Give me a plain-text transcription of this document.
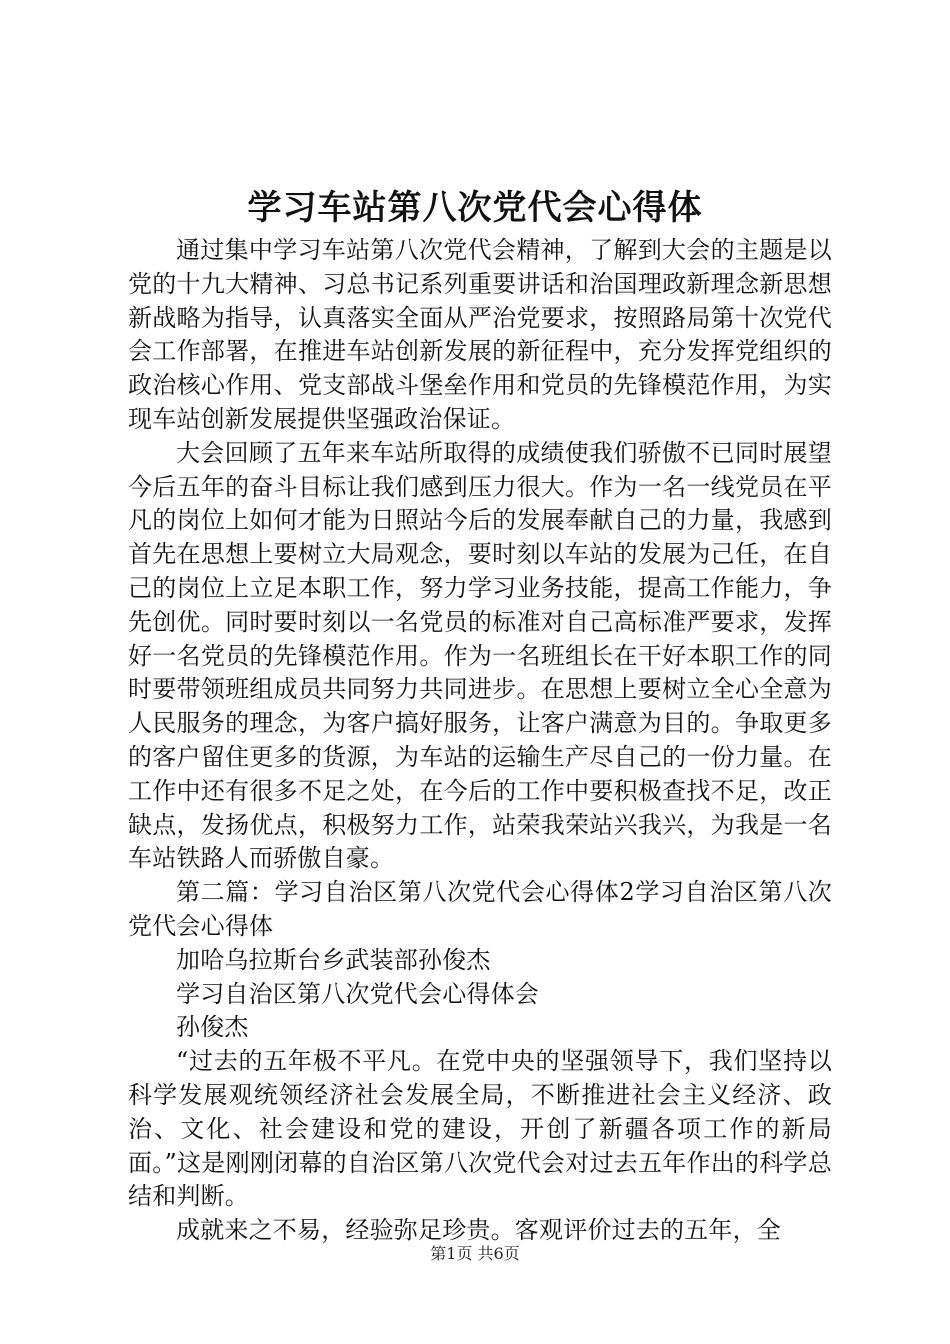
学习车站第八次党代会心得体

通过集中学习车站第八次党代会精神，了解到大会的主题是以党的十九大精神、习总书记系列重要讲话和治国理政新理念新思想新战略为指导，认真落实全面从严治党要求，按照路局第十次党代会工作部署，在推进车站创新发展的新征程中，充分发挥党组织的政治核心作用、党支部战斗堡垒作用和党员的先锋模范作用，为实现车站创新发展提供坚强政治保证。

大会回顾了五年来车站所取得的成绩使我们骄傲不已同时展望今后五年的奋斗目标让我们感到压力很大。作为一名一线党员在平凡的岗位上如何才能为日照站今后的发展奉献自己的力量，我感到首先在思想上要树立大局观念，要时刻以车站的发展为己任，在自己的岗位上立足本职工作，努力学习业务技能，提高工作能力，争先创优。同时要时刻以一名党员的标准对自己高标准严要求，发挥好一名党员的先锋模范作用。作为一名班组长在干好本职工作的同时要带领班组成员共同努力共同进步。在思想上要树立全心全意为人民服务的理念，为客户搞好服务，让客户满意为目的。争取更多的客户留住更多的货源，为车站的运输生产尽自己的一份力量。在工作中还有很多不足之处，在今后的工作中要积极查找不足，改正缺点，发扬优点，积极努力工作，站荣我荣站兴我兴，为我是一名车站铁路人而骄傲自豪。

第二篇：学习自治区第八次党代会心得体2学习自治区第八次党代会心得体

加哈乌拉斯台乡武装部孙俊杰

学习自治区第八次党代会心得体会

孙俊杰

“过去的五年极不平凡。在党中央的坚强领导下，我们坚持以科学发展观统领经济社会发展全局，不断推进社会主义经济、政治、文化、社会建设和党的建设，开创了新疆各项工作的新局面。”这是刚刚闭幕的自治区第八次党代会对过去五年作出的科学总结和判断。

成就来之不易，经验弥足珍贵。客观评价过去的五年，全

第1页 共6页
